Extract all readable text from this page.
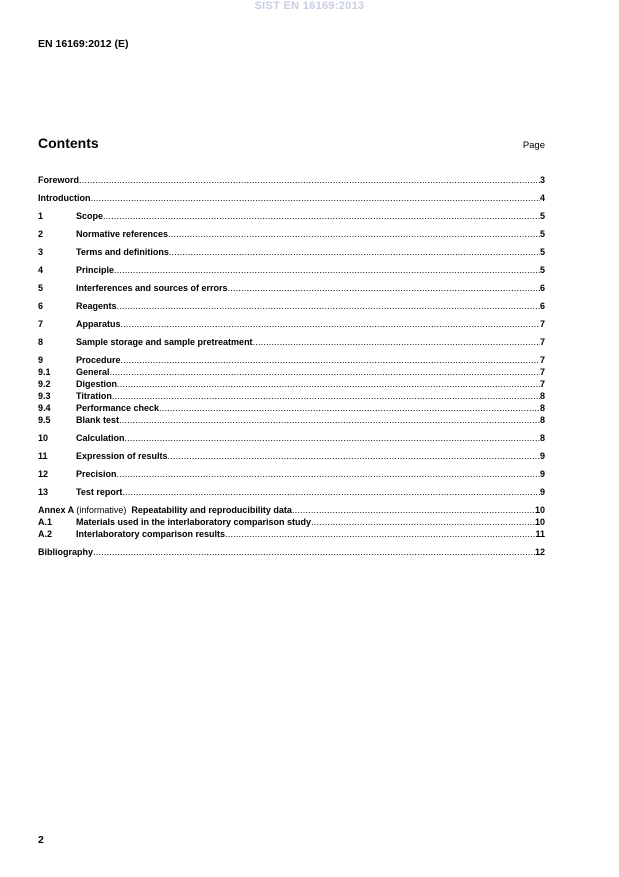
SIST EN 16169:2013
EN 16169:2012 (E)
Contents	Page
Foreword .....	3
Introduction .....	4
1	Scope .....	5
2	Normative references .....	5
3	Terms and definitions .....	5
4	Principle .....	5
5	Interferences and sources of errors .....	6
6	Reagents .....	6
7	Apparatus .....	7
8	Sample storage and sample pretreatment .....	7
9	Procedure .....	7
9.1	General .....	7
9.2	Digestion .....	7
9.3	Titration .....	8
9.4	Performance check .....	8
9.5	Blank test .....	8
10	Calculation .....	8
11	Expression of results .....	9
12	Precision .....	9
13	Test report .....	9
Annex A (informative) Repeatability and reproducibility data .....	10
A.1	Materials used in the interlaboratory comparison study .....	10
A.2	Interlaboratory comparison results .....	11
Bibliography .....	12
2
